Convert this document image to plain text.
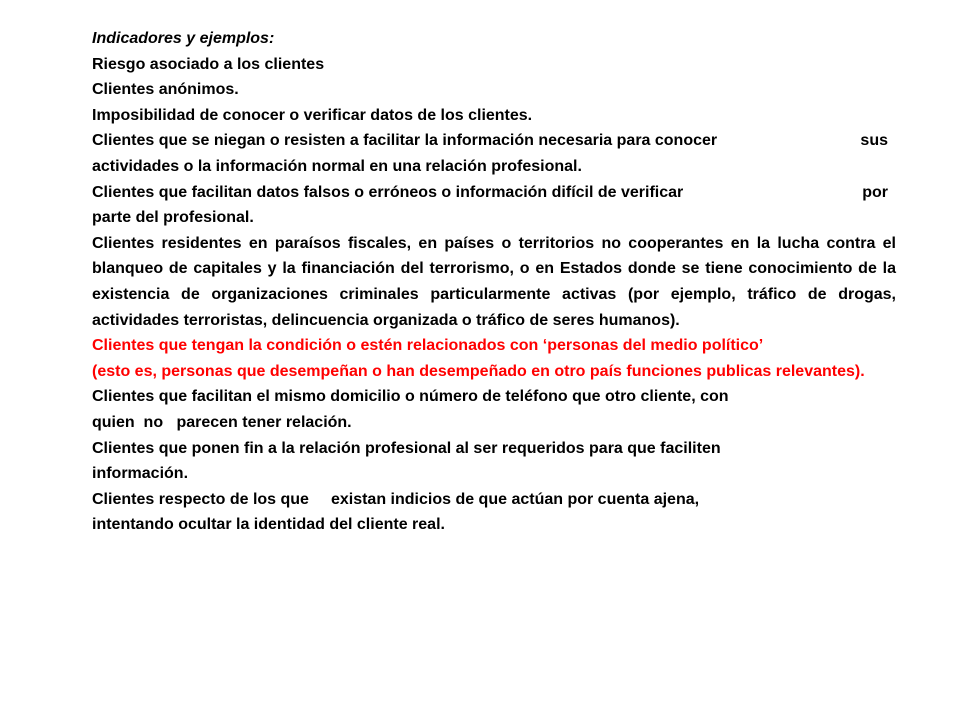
Indicadores y ejemplos:
Riesgo asociado a los clientes
Clientes anónimos.
Imposibilidad de conocer o verificar datos de los clientes.
Clientes que se niegan o resisten a facilitar la información necesaria para conocer	sus
actividades o la información normal en una relación profesional.
Clientes que facilitan datos falsos o erróneos o información difícil de verificar	por
parte del profesional.
Clientes residentes en paraísos fiscales, en países o territorios no cooperantes en la lucha contra el blanqueo de capitales y la financiación del terrorismo, o en Estados donde se tiene conocimiento de la existencia de organizaciones criminales particularmente activas (por ejemplo, tráfico de drogas, actividades terroristas, delincuencia organizada o tráfico de seres humanos).
Clientes que tengan la condición o estén relacionados con ‘personas del medio político’
(esto es, personas que desempeñan o han desempeñado en otro país funciones publicas relevantes).
Clientes que facilitan el mismo domicilio o número de teléfono que otro cliente, con
quien  no   parecen tener relación.
Clientes que ponen fin a la relación profesional al ser requeridos para que faciliten
información.
Clientes respecto de los que existan indicios de que actúan por cuenta ajena,
intentando ocultar la identidad del cliente real.
